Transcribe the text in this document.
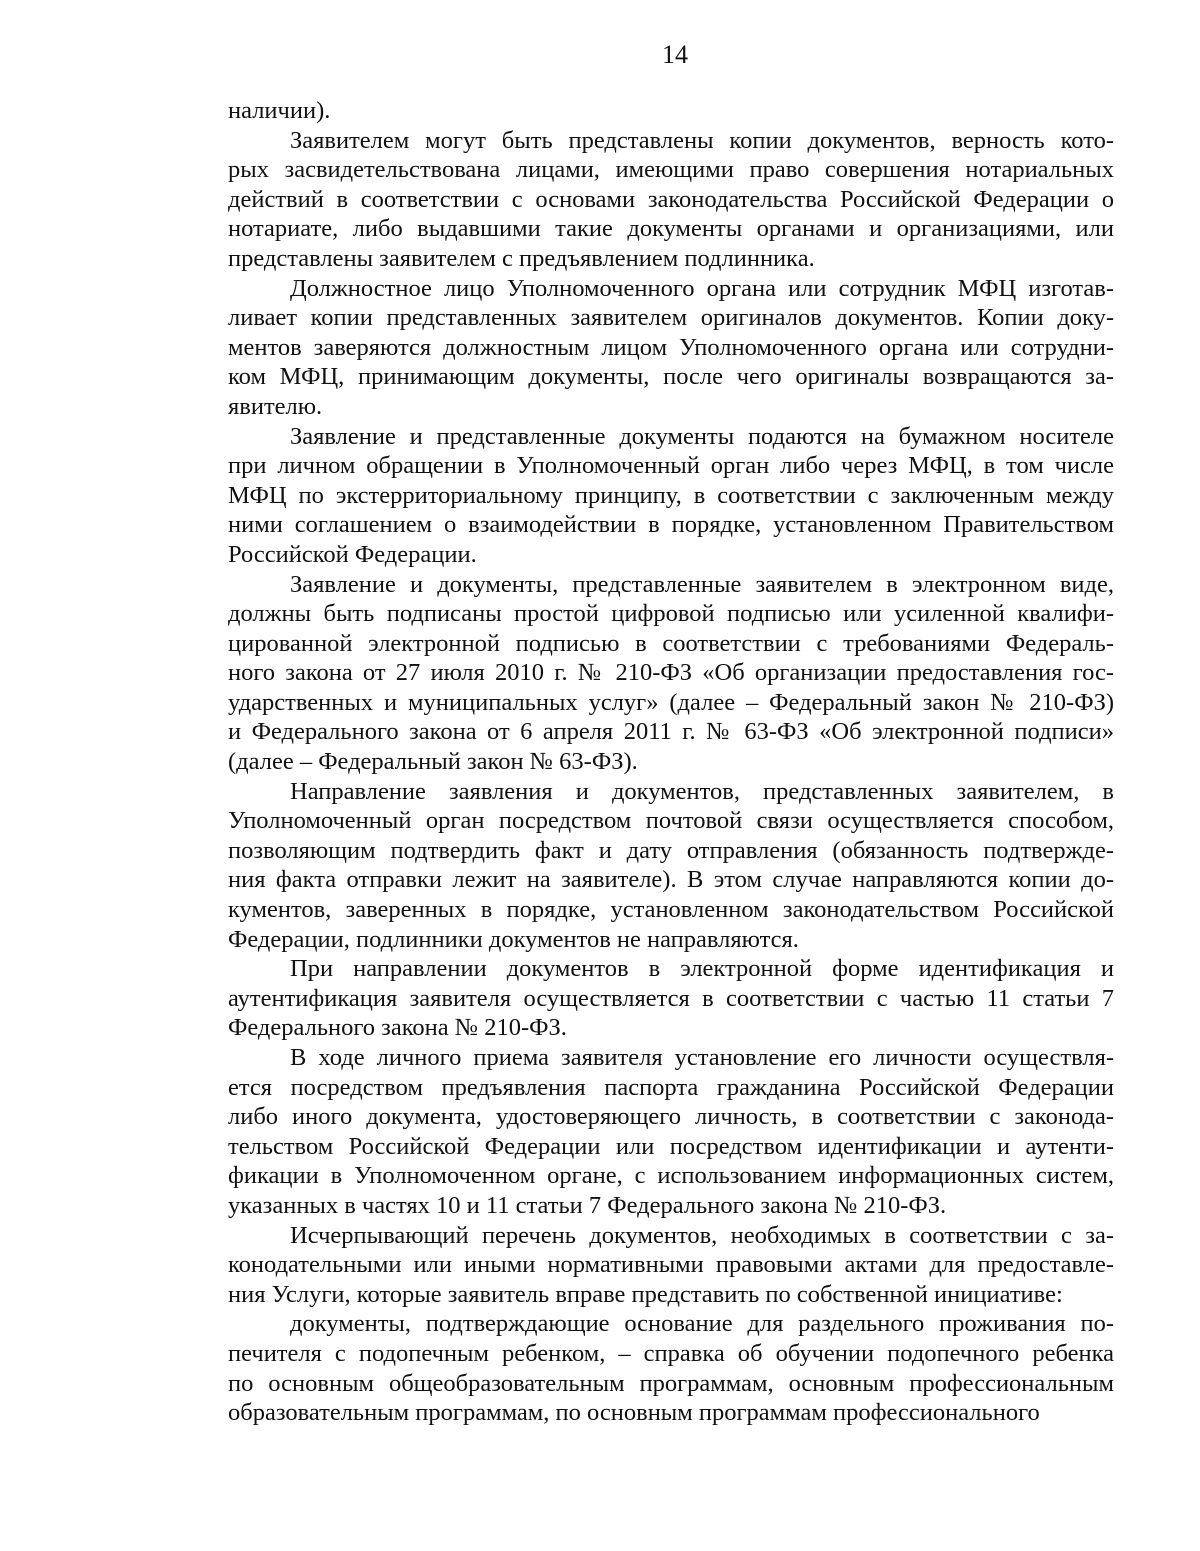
14
наличии).
Заявителем могут быть представлены копии документов, верность кото-
рых засвидетельствована лицами, имеющими право совершения нотариальных
действий в соответствии с основами законодательства Российской Федерации о
нотариате, либо выдавшими такие документы органами и организациями, или
представлены заявителем с предъявлением подлинника.
Должностное лицо Уполномоченного органа или сотрудник МФЦ изготав-
ливает копии представленных заявителем оригиналов документов. Копии доку-
ментов заверяются должностным лицом Уполномоченного органа или сотрудни-
ком МФЦ, принимающим документы, после чего оригиналы возвращаются за-
явителю.
Заявление и представленные документы подаются на бумажном носителе
при личном обращении в Уполномоченный орган либо через МФЦ, в том числе
МФЦ по экстерриториальному принципу, в соответствии с заключенным между
ними соглашением о взаимодействии в порядке, установленном Правительством
Российской Федерации.
Заявление и документы, представленные заявителем в электронном виде,
должны быть подписаны простой цифровой подписью или усиленной квалифи-
цированной электронной подписью в соответствии с требованиями Федераль-
ного закона от 27 июля 2010 г. № 210-ФЗ «Об организации предоставления гос-
ударственных и муниципальных услуг» (далее – Федеральный закон № 210-ФЗ)
и Федерального закона от 6 апреля 2011 г. № 63-ФЗ «Об электронной подписи»
(далее – Федеральный закон № 63-ФЗ).
Направление заявления и документов, представленных заявителем, в
Уполномоченный орган посредством почтовой связи осуществляется способом,
позволяющим подтвердить факт и дату отправления (обязанность подтвержде-
ния факта отправки лежит на заявителе). В этом случае направляются копии до-
кументов, заверенных в порядке, установленном законодательством Российской
Федерации, подлинники документов не направляются.
При направлении документов в электронной форме идентификация и
аутентификация заявителя осуществляется в соответствии с частью 11 статьи 7
Федерального закона № 210-ФЗ.
В ходе личного приема заявителя установление его личности осуществля-
ется посредством предъявления паспорта гражданина Российской Федерации
либо иного документа, удостоверяющего личность, в соответствии с законода-
тельством Российской Федерации или посредством идентификации и аутенти-
фикации в Уполномоченном органе, с использованием информационных систем,
указанных в частях 10 и 11 статьи 7 Федерального закона № 210-ФЗ.
Исчерпывающий перечень документов, необходимых в соответствии с за-
конодательными или иными нормативными правовыми актами для предоставле-
ния Услуги, которые заявитель вправе представить по собственной инициативе:
документы, подтверждающие основание для раздельного проживания по-
печителя с подопечным ребенком, – справка об обучении подопечного ребенка
по основным общеобразовательным программам, основным профессиональным
образовательным программам, по основным программам профессионального
